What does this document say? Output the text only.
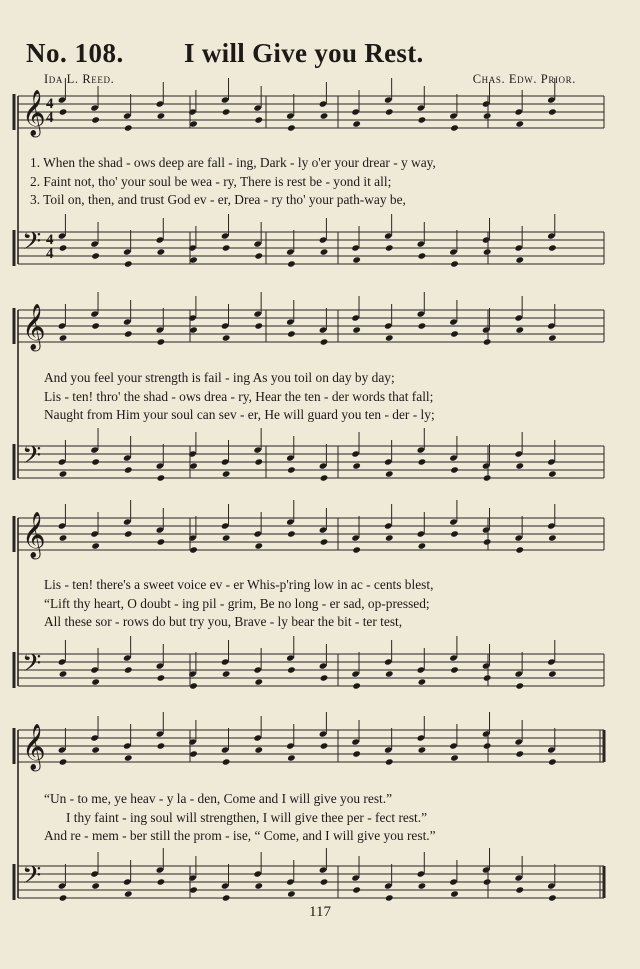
𝄞
𝄢
𝄞
𝄢
𝄞
𝄢
𝄞
𝄢
4
4
4
4
No. 108. I will Give you Rest.
Ida L. Reed.	Chas. Edw. Prior.
1. When the shad - ows deep are fall - ing, Dark - ly o'er your drear - y way,
2. Faint not, tho' your soul be wea - ry, There is rest be - yond it all;
3. Toil on, then, and trust God ev - er, Drea - ry tho' your path-way be,
And you feel your strength is fail - ing As you toil on day by day;
Lis - ten! thro' the shad - ows drea - ry, Hear the ten - der words that fall;
Naught from Him your soul can sev - er, He will guard you ten - der - ly;
Lis - ten! there's a sweet voice ev - er Whis-p'ring low in ac - cents blest,
“Lift thy heart, O doubt - ing pil - grim, Be no long - er sad, op-pressed;
All these sor - rows do but try you, Brave - ly bear the bit - ter test,
“Un - to me, ye heav - y la - den, Come and I will give you rest.”
I thy faint - ing soul will strengthen, I will give thee per - fect rest.”
And re - mem - ber still the prom - ise, “ Come, and I will give you rest.”
117
